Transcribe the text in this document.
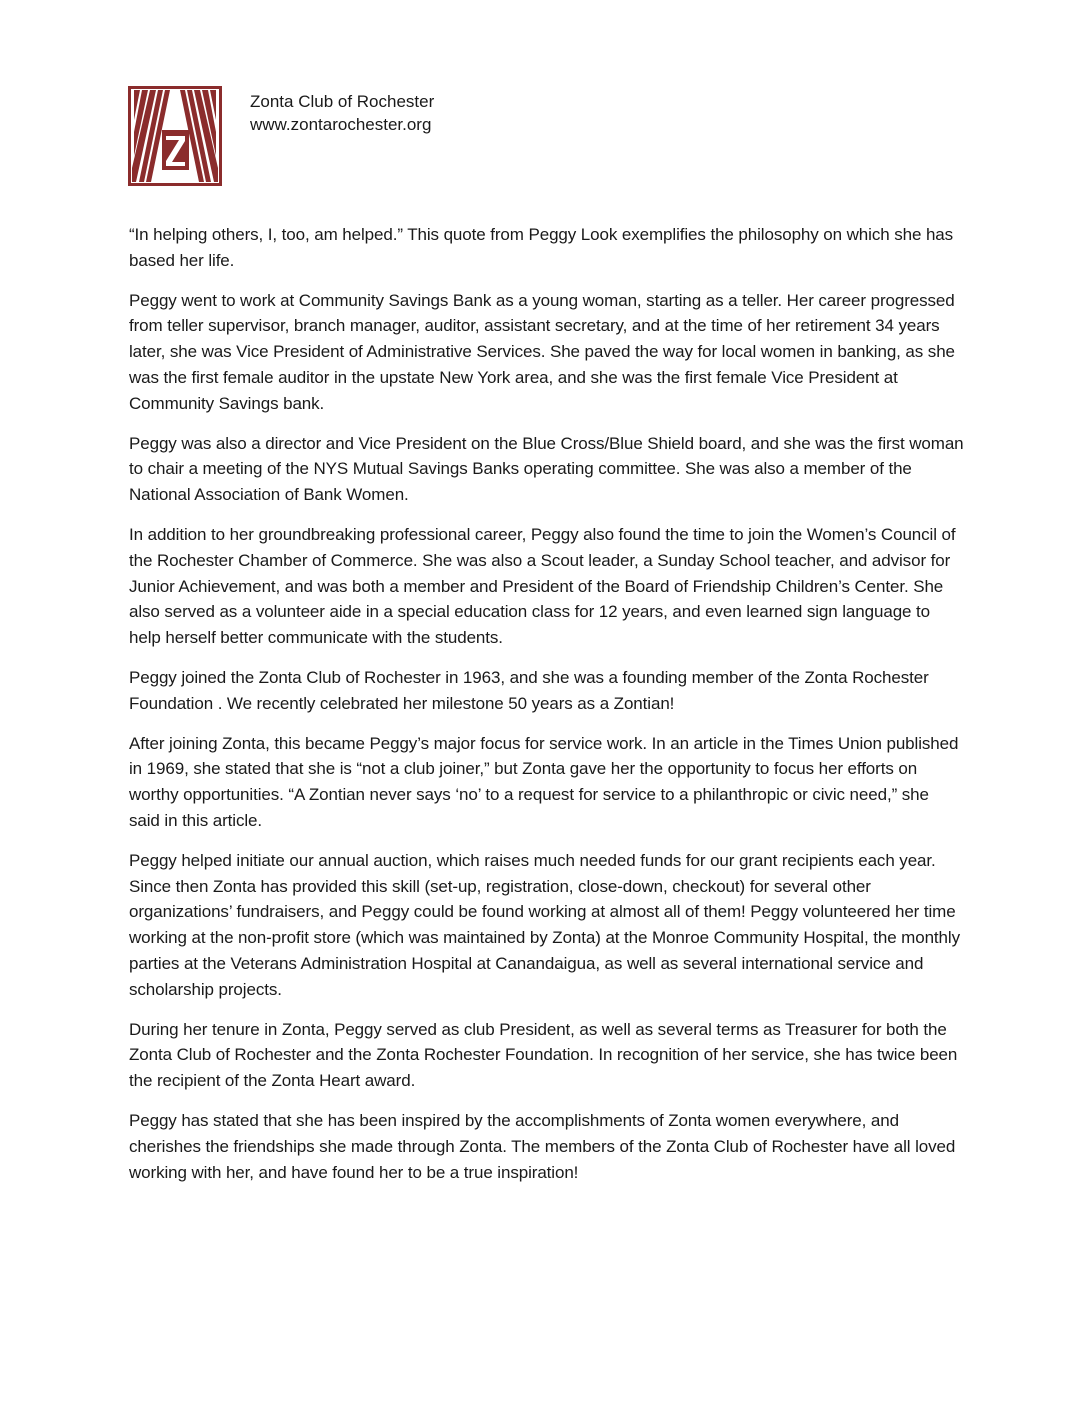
Zonta Club of Rochester
www.zontarochester.org

“In helping others, I, too, am helped.” This quote from Peggy Look exemplifies the philosophy on which she has based her life.

Peggy went to work at Community Savings Bank as a young woman, starting as a teller. Her career progressed from teller supervisor, branch manager, auditor, assistant secretary, and at the time of her retirement 34 years later, she was Vice President of Administrative Services. She paved the way for local women in banking, as she was the first female auditor in the upstate New York area, and she was the first female Vice President at Community Savings bank.

Peggy was also a director and Vice President on the Blue Cross/Blue Shield board, and she was the first woman to chair a meeting of the NYS Mutual Savings Banks operating committee. She was also a member of the National Association of Bank Women.

In addition to her groundbreaking professional career, Peggy also found the time to join the Women’s Council of the Rochester Chamber of Commerce. She was also a Scout leader, a Sunday School teacher, and advisor for Junior Achievement, and was both a member and President of the Board of Friendship Children’s Center. She also served as a volunteer aide in a special education class for 12 years, and even learned sign language to help herself better communicate with the students.

Peggy joined the Zonta Club of Rochester in 1963, and she was a founding member of the Zonta Rochester Foundation . We recently celebrated her milestone 50 years as a Zontian!

After joining Zonta, this became Peggy’s major focus for service work. In an article in the Times Union published in 1969, she stated that she is “not a club joiner,” but Zonta gave her the opportunity to focus her efforts on worthy opportunities. “A Zontian never says ‘no’ to a request for service to a philanthropic or civic need,” she said in this article.

Peggy helped initiate our annual auction, which raises much needed funds for our grant recipients each year. Since then Zonta has provided this skill (set-up, registration, close-down, checkout) for several other organizations’ fundraisers, and Peggy could be found working at almost all of them! Peggy volunteered her time working at the non-profit store (which was maintained by Zonta) at the Monroe Community Hospital, the monthly parties at the Veterans Administration Hospital at Canandaigua, as well as several international service and scholarship projects.

During her tenure in Zonta, Peggy served as club President, as well as several terms as Treasurer for both the Zonta Club of Rochester and the Zonta Rochester Foundation. In recognition of her service, she has twice been the recipient of the Zonta Heart award.

Peggy has stated that she has been inspired by the accomplishments of Zonta women everywhere, and cherishes the friendships she made through Zonta. The members of the Zonta Club of Rochester have all loved working with her, and have found her to be a true inspiration!
